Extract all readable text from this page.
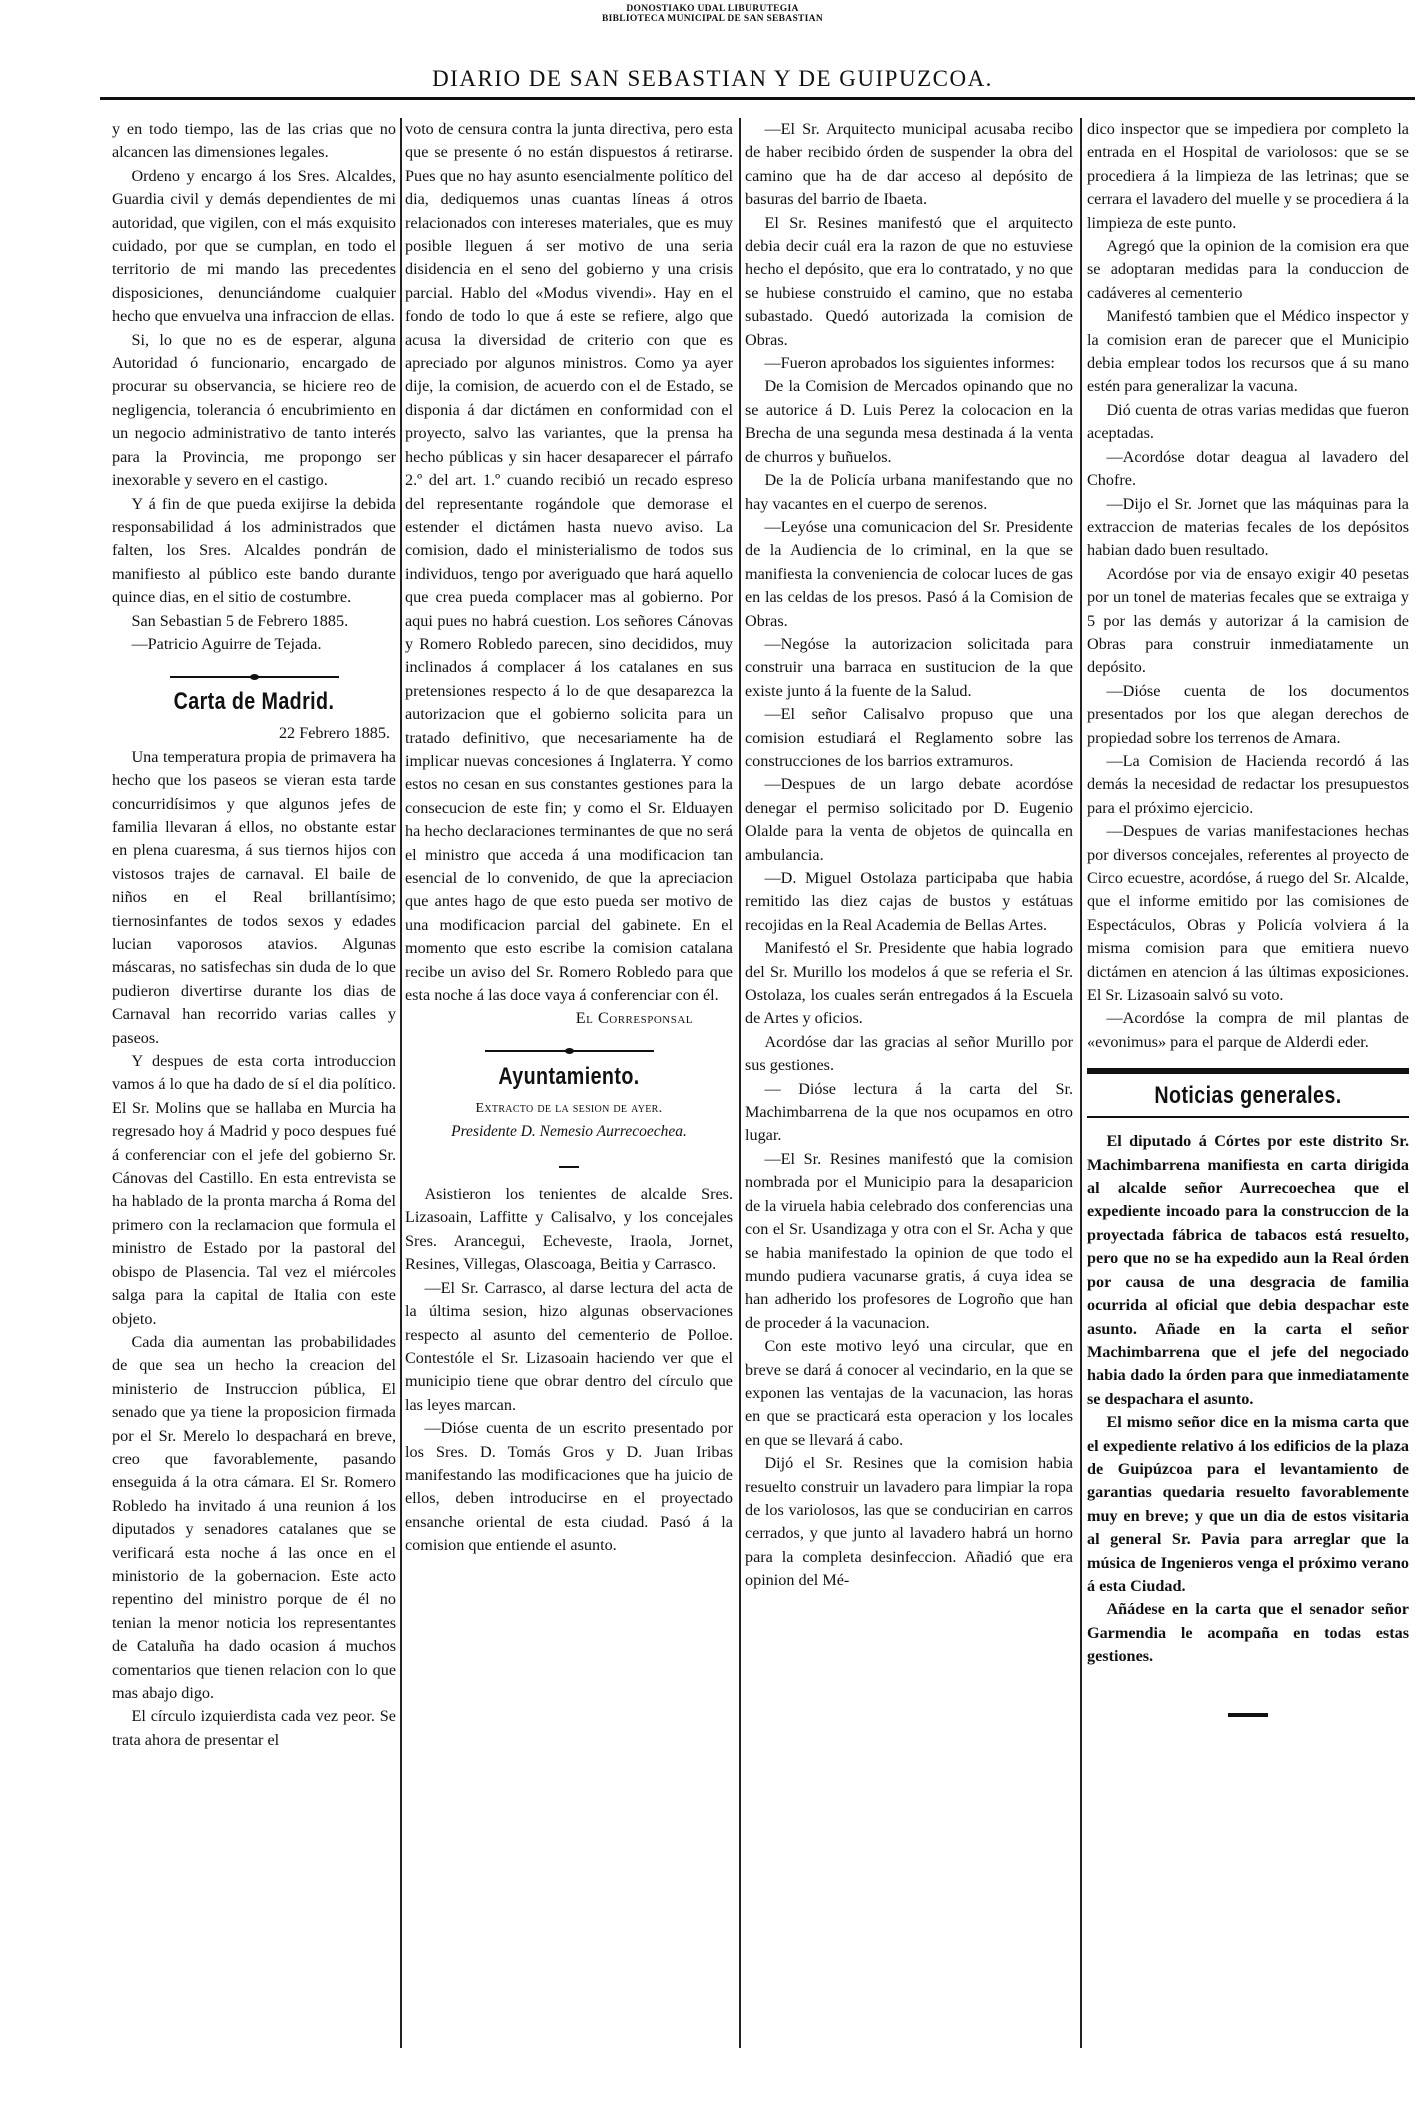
DONOSTIAKO UDAL LIBURUTEGIA
BIBLIOTECA MUNICIPAL DE SAN SEBASTIAN
DIARIO DE SAN SEBASTIAN Y DE GUIPUZCOA.

y en todo tiempo, las de las crias que no alcancen las dimensiones legales.

Ordeno y encargo á los Sres. Alcaldes, Guardia civil y demás dependientes de mi autoridad, que vigilen, con el más exquisito cuidado, por que se cumplan, en todo el territorio de mi mando las precedentes disposiciones, denunciándome cualquier hecho que envuelva una infraccion de ellas.

Si, lo que no es de esperar, alguna Autoridad ó funcionario, encargado de procurar su observancia, se hiciere reo de negligencia, tolerancia ó encubrimiento en un negocio administrativo de tanto interés para la Provincia, me propongo ser inexorable y severo en el castigo.

Y á fin de que pueda exijirse la debida responsabilidad á los administrados que falten, los Sres. Alcaldes pondrán de manifiesto al público este bando durante quince dias, en el sitio de costumbre.

San Sebastian 5 de Febrero 1885.

—Patricio Aguirre de Tejada.

Carta de Madrid.
22 Febrero 1885.

Una temperatura propia de primavera ha hecho que los paseos se vieran esta tarde concurridísimos y que algunos jefes de familia llevaran á ellos, no obstante estar en plena cuaresma, á sus tiernos hijos con vistosos trajes de carnaval. El baile de niños en el Real brillantísimo; tiernosinfantes de todos sexos y edades lucian vaporosos atavios. Algunas máscaras, no satisfechas sin duda de lo que pudieron divertirse durante los dias de Carnaval han recorrido varias calles y paseos.

Y despues de esta corta introduccion vamos á lo que ha dado de sí el dia político. El Sr. Molins que se hallaba en Murcia ha regresado hoy á Madrid y poco despues fué á conferenciar con el jefe del gobierno Sr. Cánovas del Castillo. En esta entrevista se ha hablado de la pronta marcha á Roma del primero con la reclamacion que formula el ministro de Estado por la pastoral del obispo de Plasencia. Tal vez el miércoles salga para la capital de Italia con este objeto.

Cada dia aumentan las probabilidades de que sea un hecho la creacion del ministerio de Instruccion pública, El senado que ya tiene la proposicion firmada por el Sr. Merelo lo despachará en breve, creo que favorablemente, pasando enseguida á la otra cámara. El Sr. Romero Robledo ha invitado á una reunion á los diputados y senadores catalanes que se verificará esta noche á las once en el ministorio de la gobernacion. Este acto repentino del ministro porque de él no tenian la menor noticia los representantes de Cataluña ha dado ocasion á muchos comentarios que tienen relacion con lo que mas abajo digo.

El círculo izquierdista cada vez peor. Se trata ahora de presentar el

voto de censura contra la junta directiva, pero esta que se presente ó no están dispuestos á retirarse. Pues que no hay asunto esencialmente político del dia, dediquemos unas cuantas líneas á otros relacionados con intereses materiales, que es muy posible lleguen á ser motivo de una seria disidencia en el seno del gobierno y una crisis parcial. Hablo del «Modus vivendi». Hay en el fondo de todo lo que á este se refiere, algo que acusa la diversidad de criterio con que es apreciado por algunos ministros. Como ya ayer dije, la comision, de acuerdo con el de Estado, se disponia á dar dictámen en conformidad con el proyecto, salvo las variantes, que la prensa ha hecho públicas y sin hacer desaparecer el párrafo 2.º del art. 1.º cuando recibió un recado espreso del representante rogándole que demorase el estender el dictámen hasta nuevo aviso. La comision, dado el ministerialismo de todos sus individuos, tengo por averiguado que hará aquello que crea pueda complacer mas al gobierno. Por aqui pues no habrá cuestion. Los señores Cánovas y Romero Robledo parecen, sino decididos, muy inclinados á complacer á los catalanes en sus pretensiones respecto á lo de que desaparezca la autorizacion que el gobierno solicita para un tratado definitivo, que necesariamente ha de implicar nuevas concesiones á Inglaterra. Y como estos no cesan en sus constantes gestiones para la consecucion de este fin; y como el Sr. Elduayen ha hecho declaraciones terminantes de que no será el ministro que acceda á una modificacion tan esencial de lo convenido, de que la apreciacion que antes hago de que esto pueda ser motivo de una modificacion parcial del gabinete. En el momento que esto escribe la comision catalana recibe un aviso del Sr. Romero Robledo para que esta noche á las doce vaya á conferenciar con él.

El Corresponsal
Ayuntamiento.
Extracto de la sesion de ayer.
Presidente D. Nemesio Aurrecoechea.

Asistieron los tenientes de alcalde Sres. Lizasoain, Laffitte y Calisalvo, y los concejales Sres. Arancegui, Echeveste, Iraola, Jornet, Resines, Villegas, Olascoaga, Beitia y Carrasco.

—El Sr. Carrasco, al darse lectura del acta de la última sesion, hizo algunas observaciones respecto al asunto del cementerio de Polloe. Contestóle el Sr. Lizasoain haciendo ver que el municipio tiene que obrar dentro del círculo que las leyes marcan.

—Dióse cuenta de un escrito presentado por los Sres. D. Tomás Gros y D. Juan Iribas manifestando las modificaciones que ha juicio de ellos, deben introducirse en el proyectado ensanche oriental de esta ciudad. Pasó á la comision que entiende el asunto.

—El Sr. Arquitecto municipal acusaba recibo de haber recibido órden de suspender la obra del camino que ha de dar acceso al depósito de basuras del barrio de Ibaeta.

El Sr. Resines manifestó que el arquitecto debia decir cuál era la razon de que no estuviese hecho el depósito, que era lo contratado, y no que se hubiese construido el camino, que no estaba subastado. Quedó autorizada la comision de Obras.

—Fueron aprobados los siguientes informes:

De la Comision de Mercados opinando que no se autorice á D. Luis Perez la colocacion en la Brecha de una segunda mesa destinada á la venta de churros y buñuelos.

De la de Policía urbana manifestando que no hay vacantes en el cuerpo de serenos.

—Leyóse una comunicacion del Sr. Presidente de la Audiencia de lo criminal, en la que se manifiesta la conveniencia de colocar luces de gas en las celdas de los presos. Pasó á la Comision de Obras.

—Negóse la autorizacion solicitada para construir una barraca en sustitucion de la que existe junto á la fuente de la Salud.

—El señor Calisalvo propuso que una comision estudiará el Reglamento sobre las construcciones de los barrios extramuros.

—Despues de un largo debate acordóse denegar el permiso solicitado por D. Eugenio Olalde para la venta de objetos de quincalla en ambulancia.

—D. Miguel Ostolaza participaba que habia remitido las diez cajas de bustos y estátuas recojidas en la Real Academia de Bellas Artes.

Manifestó el Sr. Presidente que habia logrado del Sr. Murillo los modelos á que se referia el Sr. Ostolaza, los cuales serán entregados á la Escuela de Artes y oficios.

Acordóse dar las gracias al señor Murillo por sus gestiones.

— Dióse lectura á la carta del Sr. Machimbarrena de la que nos ocupamos en otro lugar.

—El Sr. Resines manifestó que la comision nombrada por el Municipio para la desaparicion de la viruela habia celebrado dos conferencias una con el Sr. Usandizaga y otra con el Sr. Acha y que se habia manifestado la opinion de que todo el mundo pudiera vacunarse gratis, á cuya idea se han adherido los profesores de Logroño que han de proceder á la vacunacion.

Con este motivo leyó una circular, que en breve se dará á conocer al vecindario, en la que se exponen las ventajas de la vacunacion, las horas en que se practicará esta operacion y los locales en que se llevará á cabo.

Dijó el Sr. Resines que la comision habia resuelto construir un lavadero para limpiar la ropa de los variolosos, las que se conducirian en carros cerrados, y que junto al lavadero habrá un horno para la completa desinfeccion. Añadió que era opinion del Mé-

dico inspector que se impediera por completo la entrada en el Hospital de variolosos: que se se procediera á la limpieza de las letrinas; que se cerrara el lavadero del muelle y se procediera á la limpieza de este punto.

Agregó que la opinion de la comision era que se adoptaran medidas para la conduccion de cadáveres al cementerio

Manifestó tambien que el Médico inspector y la comision eran de parecer que el Municipio debia emplear todos los recursos que á su mano estén para generalizar la vacuna.

Dió cuenta de otras varias medidas que fueron aceptadas.

—Acordóse dotar deagua al lavadero del Chofre.

—Dijo el Sr. Jornet que las máquinas para la extraccion de materias fecales de los depósitos habian dado buen resultado.

Acordóse por via de ensayo exigir 40 pesetas por un tonel de materias fecales que se extraiga y 5 por las demás y autorizar á la camision de Obras para construir inmediatamente un depósito.

—Dióse cuenta de los documentos presentados por los que alegan derechos de propiedad sobre los terrenos de Amara.

—La Comision de Hacienda recordó á las demás la necesidad de redactar los presupuestos para el próximo ejercicio.

—Despues de varias manifestaciones hechas por diversos concejales, referentes al proyecto de Circo ecuestre, acordóse, á ruego del Sr. Alcalde, que el informe emitido por las comisiones de Espectáculos, Obras y Policía volviera á la misma comision para que emitiera nuevo dictámen en atencion á las últimas exposiciones. El Sr. Lizasoain salvó su voto.

—Acordóse la compra de mil plantas de «evonimus» para el parque de Alderdi eder.

Noticias generales.

El diputado á Córtes por este distrito Sr. Machimbarrena manifiesta en carta dirigida al alcalde señor Aurrecoechea que el expediente incoado para la construccion de la proyectada fábrica de tabacos está resuelto, pero que no se ha expedido aun la Real órden por causa de una desgracia de familia ocurrida al oficial que debia despachar este asunto. Añade en la carta el señor Machimbarrena que el jefe del negociado habia dado la órden para que inmediatamente se despachara el asunto.

El mismo señor dice en la misma carta que el expediente relativo á los edificios de la plaza de Guipúzcoa para el levantamiento de garantias quedaria resuelto favorablemente muy en breve; y que un dia de estos visitaria al general Sr. Pavia para arreglar que la música de Ingenieros venga el próximo verano á esta Ciudad.

Añádese en la carta que el senador señor Garmendia le acompaña en todas estas gestiones.
